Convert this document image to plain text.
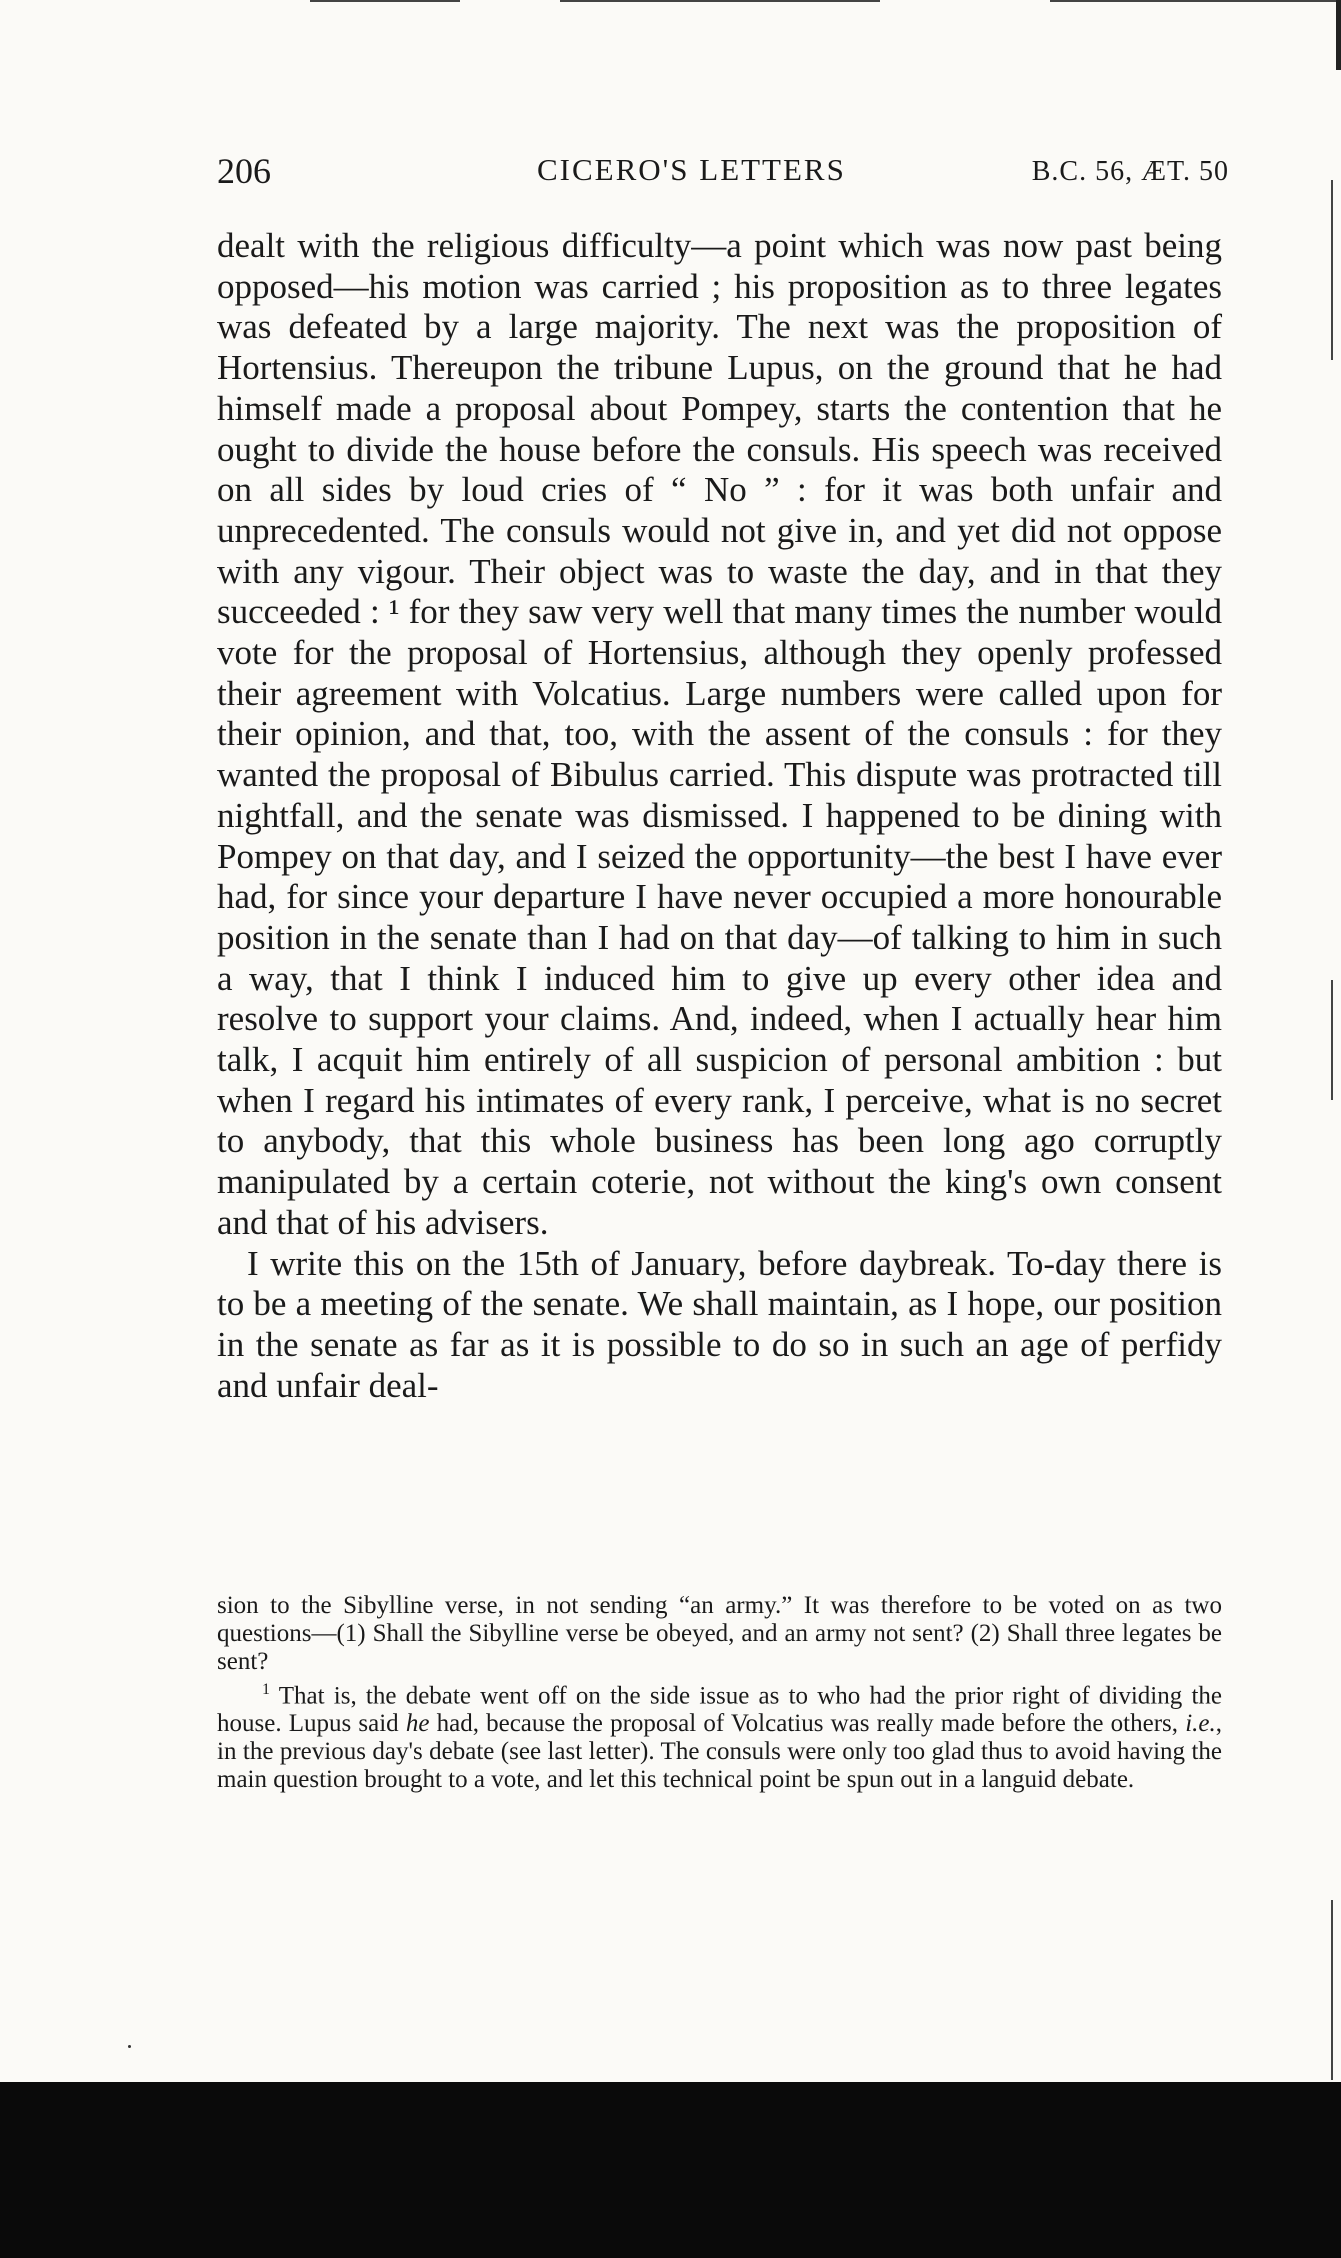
206	CICERO'S LETTERS	B.C. 56, ÆT. 50

dealt with the religious difficulty—a point which was now past being opposed—his motion was carried ; his proposition as to three legates was defeated by a large majority. The next was the proposition of Hortensius. Thereupon the tribune Lupus, on the ground that he had himself made a proposal about Pompey, starts the contention that he ought to divide the house before the consuls. His speech was received on all sides by loud cries of “ No ” : for it was both unfair and unprecedented. The consuls would not give in, and yet did not oppose with any vigour. Their object was to waste the day, and in that they succeeded : ¹ for they saw very well that many times the number would vote for the proposal of Hortensius, although they openly professed their agreement with Volcatius. Large numbers were called upon for their opinion, and that, too, with the assent of the consuls : for they wanted the proposal of Bibulus carried. This dispute was protracted till nightfall, and the senate was dismissed. I happened to be dining with Pompey on that day, and I seized the opportunity—the best I have ever had, for since your departure I have never occupied a more honourable position in the senate than I had on that day—of talking to him in such a way, that I think I induced him to give up every other idea and resolve to support your claims. And, indeed, when I actually hear him talk, I acquit him entirely of all suspicion of personal ambition : but when I regard his intimates of every rank, I perceive, what is no secret to anybody, that this whole business has been long ago corruptly manipulated by a certain coterie, not without the king's own consent and that of his advisers.

I write this on the 15th of January, before daybreak. To-day there is to be a meeting of the senate. We shall maintain, as I hope, our position in the senate as far as it is possible to do so in such an age of perfidy and unfair deal-

sion to the Sibylline verse, in not sending “an army.” It was therefore to be voted on as two questions—(1) Shall the Sibylline verse be obeyed, and an army not sent? (2) Shall three legates be sent?

$^1$ That is, the debate went off on the side issue as to who had the prior right of dividing the house. Lupus said he had, because the proposal of Volcatius was really made before the others, i.e., in the previous day's debate (see last letter). The consuls were only too glad thus to avoid having the main question brought to a vote, and let this technical point be spun out in a languid debate.
